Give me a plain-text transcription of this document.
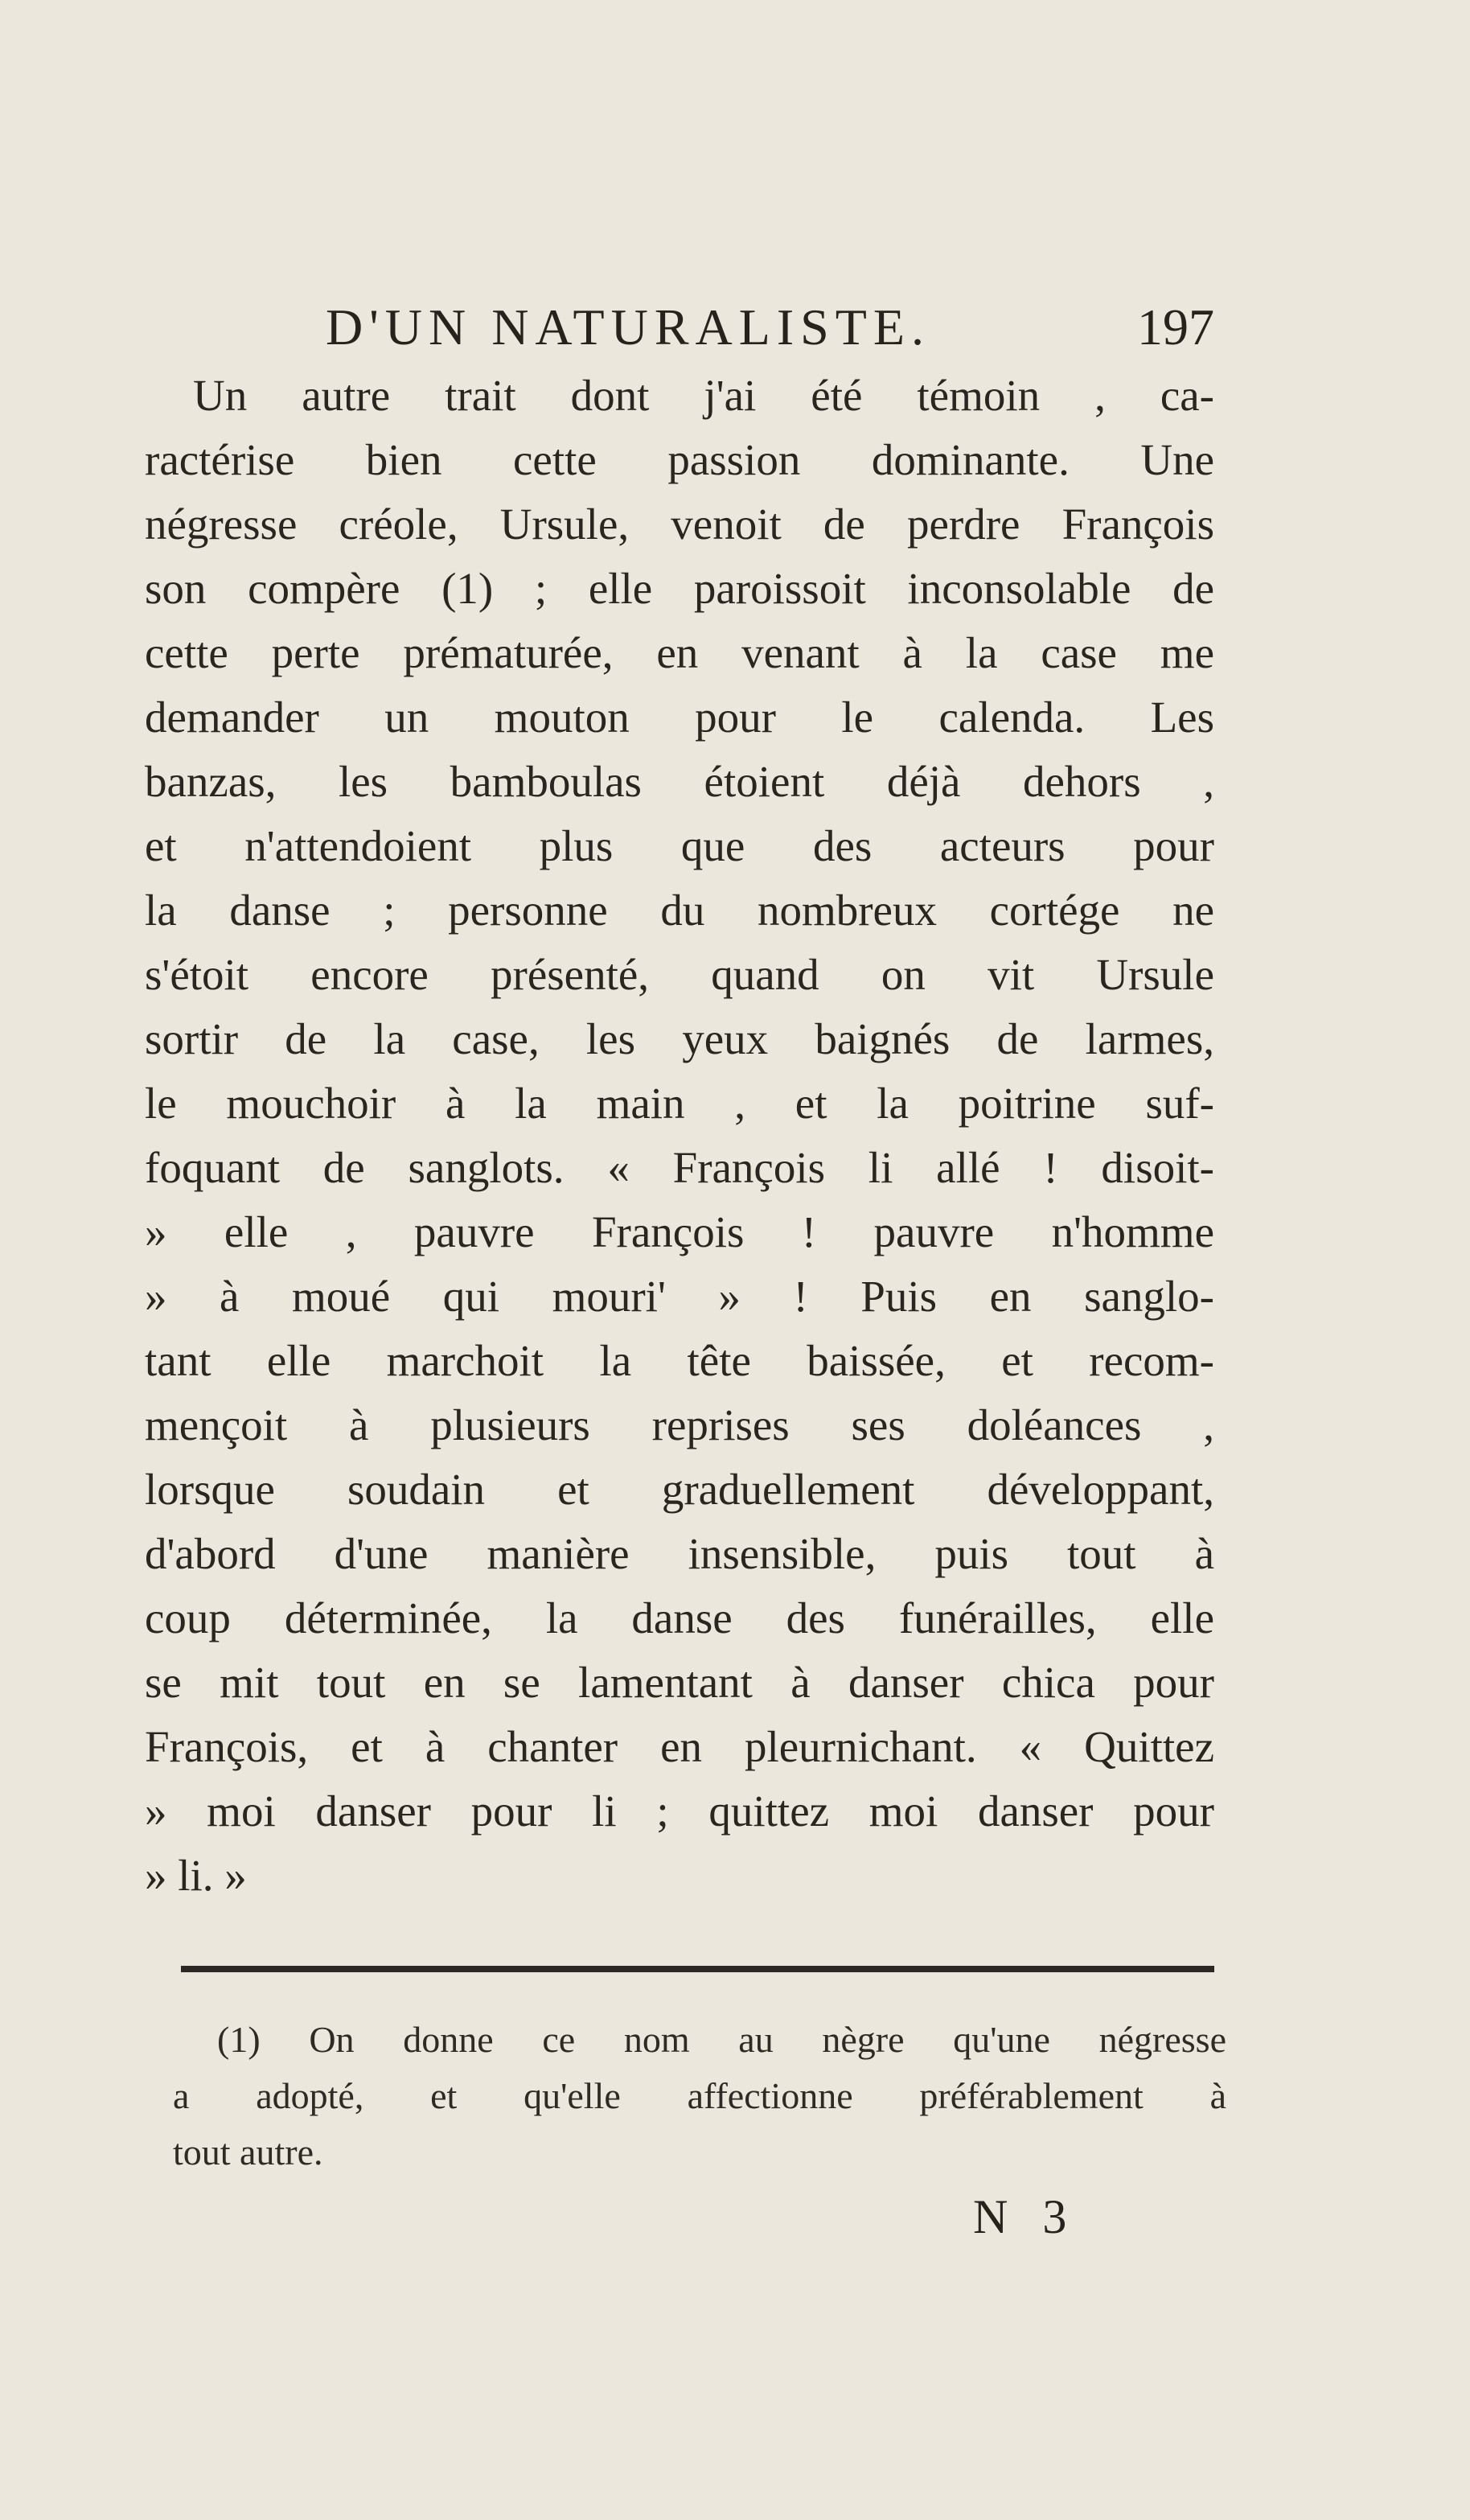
D'UN NATURALISTE.	197
Un autre trait dont j'ai été témoin , ca-
ractérise bien cette passion dominante. Une
négresse créole, Ursule, venoit de perdre François
son compère (1) ; elle paroissoit inconsolable de
cette perte prématurée, en venant à la case me
demander un mouton pour le calenda. Les
banzas, les bamboulas étoient déjà dehors ,
et n'attendoient plus que des acteurs pour
la danse ; personne du nombreux cortége ne
s'étoit encore présenté, quand on vit Ursule
sortir de la case, les yeux baignés de larmes,
le mouchoir à la main , et la poitrine suf-
foquant de sanglots. « François li allé ! disoit-
» elle , pauvre François ! pauvre n'homme
» à moué qui mouri' » ! Puis en sanglo-
tant elle marchoit la tête baissée, et recom-
mençoit à plusieurs reprises ses doléances ,
lorsque soudain et graduellement développant,
d'abord d'une manière insensible, puis tout à
coup déterminée, la danse des funérailles, elle
se mit tout en se lamentant à danser chica pour
François, et à chanter en pleurnichant. « Quittez
» moi danser pour li ; quittez moi danser pour
» li. »
(1) On donne ce nom au nègre qu'une négresse
a adopté, et qu'elle affectionne préférablement à
tout autre.
N 3
